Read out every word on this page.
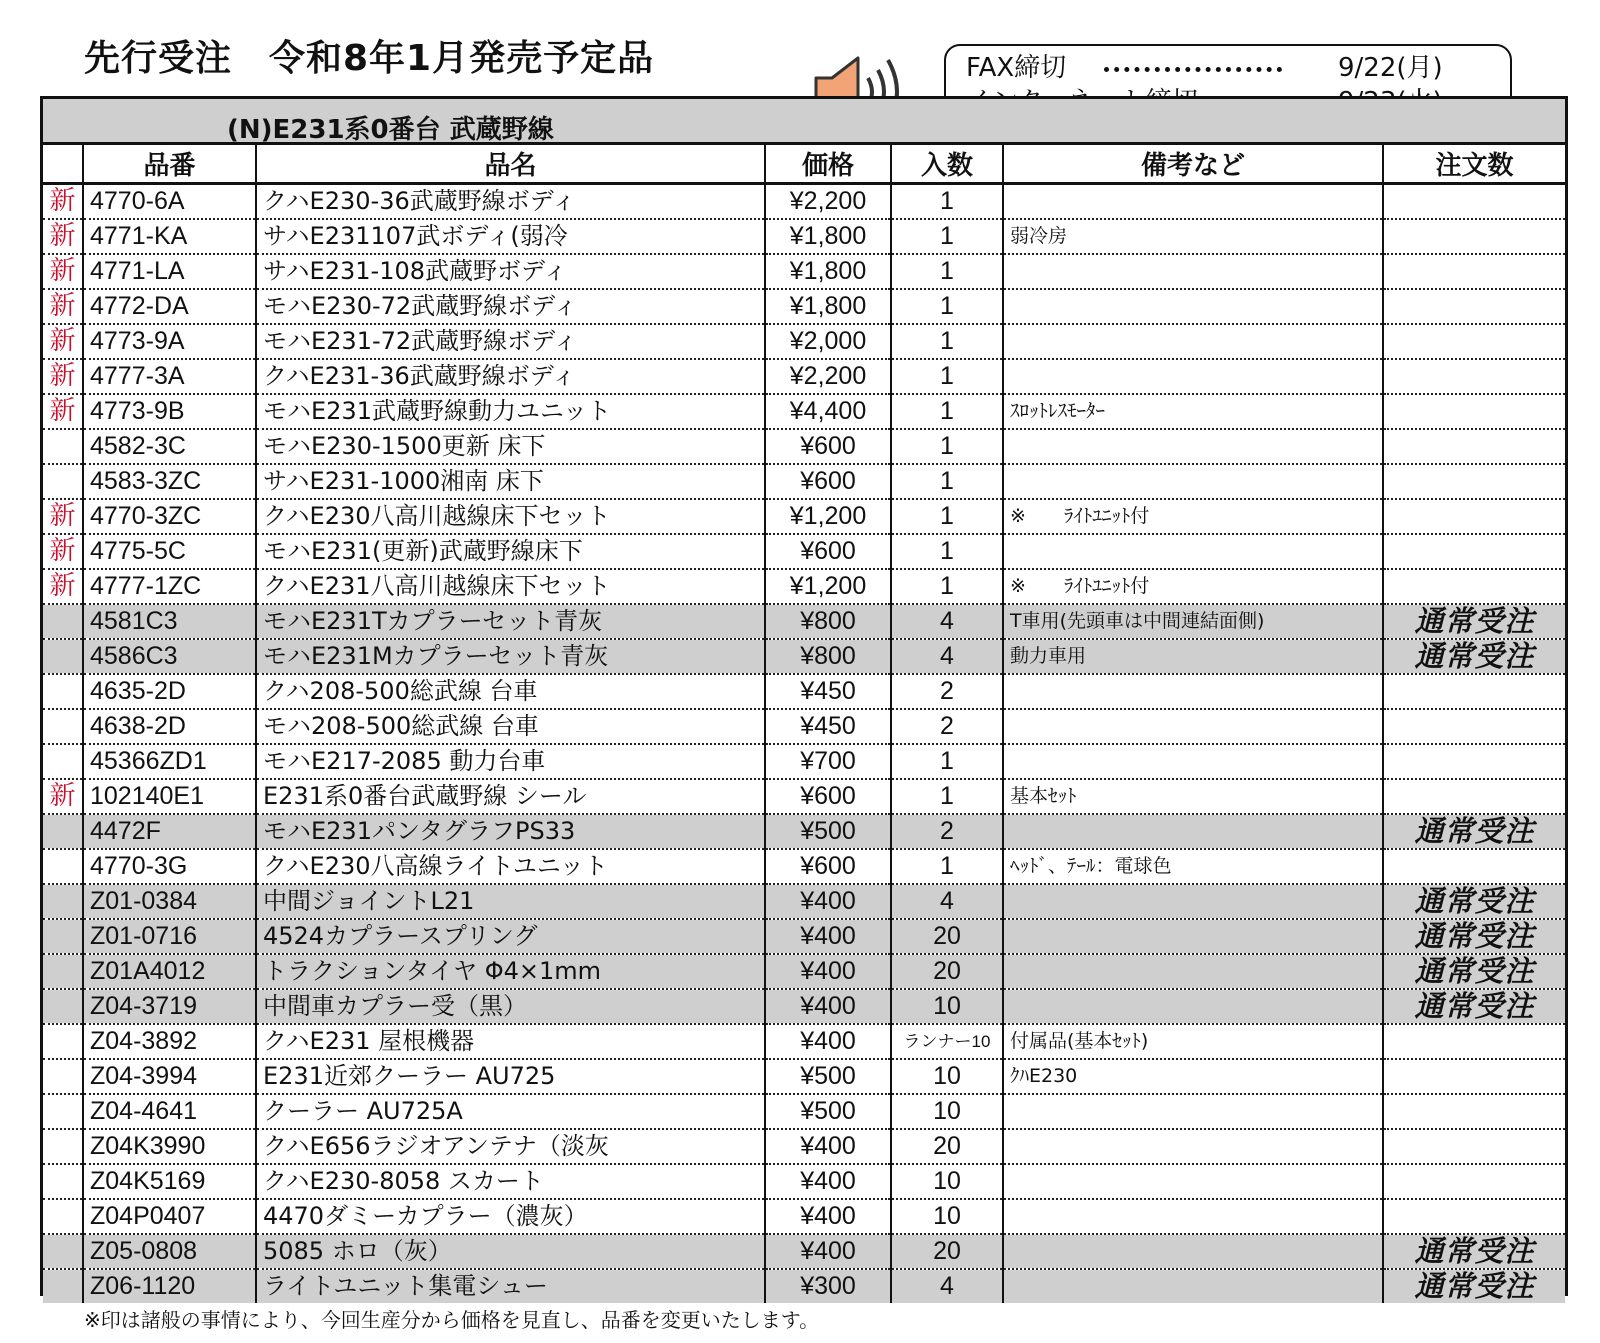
先行受注　令和8年1月発売予定品	FAX締切	9/22(月)
(N)E231系0番台 武蔵野線
	品番	品名	価格	入数	備考など	注文数
新	4770-6A	クハE230-36武蔵野線ボディ	¥2,200	1		
新	4771-KA	サハE231107武ボディ(弱冷	¥1,800	1	弱冷房	
新	4771-LA	サハE231-108武蔵野ボディ	¥1,800	1		
新	4772-DA	モハE230-72武蔵野線ボディ	¥1,800	1		
新	4773-9A	モハE231-72武蔵野線ボディ	¥2,000	1		
新	4777-3A	クハE231-36武蔵野線ボディ	¥2,200	1		
新	4773-9B	モハE231武蔵野線動力ユニット	¥4,400	1	ｽﾛｯﾄﾚｽﾓｰﾀｰ	
	4582-3C	モハE230-1500更新 床下	¥600	1		
	4583-3ZC	サハE231-1000湘南 床下	¥600	1		
新	4770-3ZC	クハE230八高川越線床下セット	¥1,200	1	※　　ﾗｲﾄﾕﾆｯﾄ付	
新	4775-5C	モハE231(更新)武蔵野線床下	¥600	1		
新	4777-1ZC	クハE231八高川越線床下セット	¥1,200	1	※　　ﾗｲﾄﾕﾆｯﾄ付	
	4581C3	モハE231Tカプラーセット青灰	¥800	4	T車用(先頭車は中間連結面側)	通常受注
	4586C3	モハE231Mカプラーセット青灰	¥800	4	動力車用	通常受注
	4635-2D	クハ208-500総武線 台車	¥450	2		
	4638-2D	モハ208-500総武線 台車	¥450	2		
	45366ZD1	モハE217-2085 動力台車	¥700	1		
新	102140E1	E231系0番台武蔵野線 シール	¥600	1	基本ｾｯﾄ	
	4472F	モハE231パンタグラフPS33	¥500	2		通常受注
	4770-3G	クハE230八高線ライトユニット	¥600	1	ﾍｯﾄﾞ、ﾃｰﾙ：電球色	
	Z01-0384	中間ジョイントL21	¥400	4		通常受注
	Z01-0716	4524カプラースプリング	¥400	20		通常受注
	Z01A4012	トラクションタイヤ Φ4×1mm	¥400	20		通常受注
	Z04-3719	中間車カプラー受（黒）	¥400	10		通常受注
	Z04-3892	クハE231 屋根機器	¥400	ランナー10	付属品(基本ｾｯﾄ)	
	Z04-3994	E231近郊クーラー AU725	¥500	10	ｸﾊE230	
	Z04-4641	クーラー AU725A	¥500	10		
	Z04K3990	クハE656ラジオアンテナ（淡灰	¥400	20		
	Z04K5169	クハE230-8058 スカート	¥400	10		
	Z04P0407	4470ダミーカプラー（濃灰）	¥400	10		
	Z05-0808	5085 ホロ（灰）	¥400	20		通常受注
	Z06-1120	ライトユニット集電シュー	¥300	4		通常受注
※印は諸般の事情により、今回生産分から価格を見直し、品番を変更いたします。
